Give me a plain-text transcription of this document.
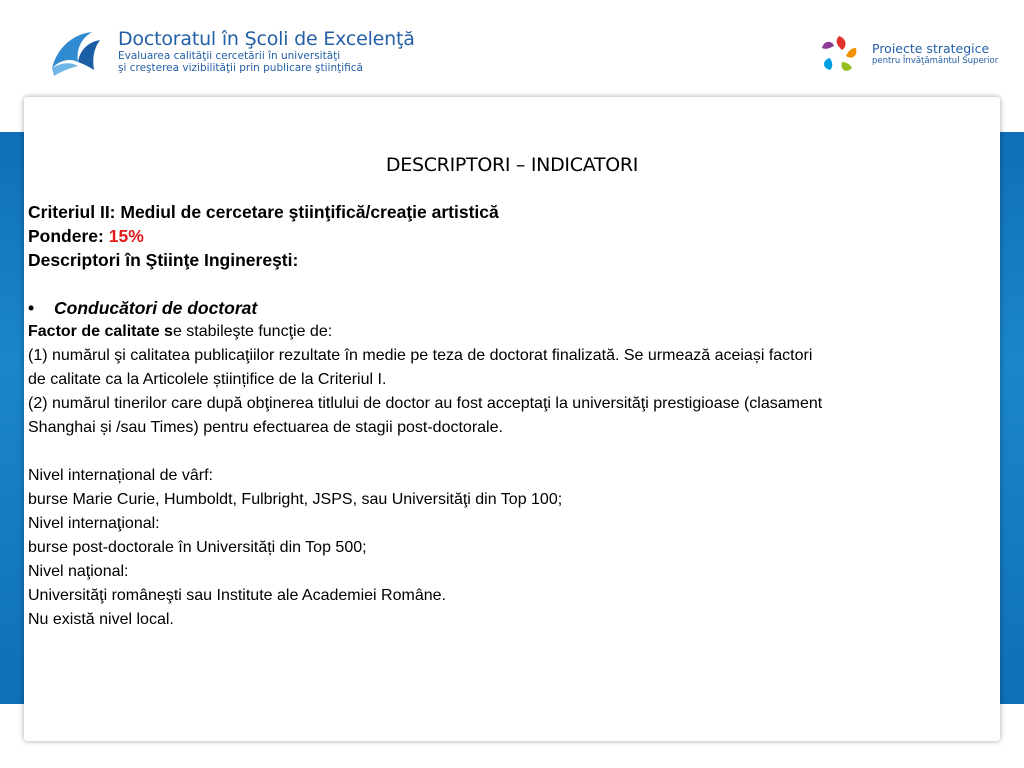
Doctoratul în Şcoli de Excelenţă
Evaluarea calităţii cercetării în universităţi
şi creşterea vizibilităţii prin publicare ştiinţifică
Proiecte strategice
pentru Învăţământul Superior
DESCRIPTORI – INDICATORI
Criteriul II: Mediul de cercetare ştiinţifică/creaţie artistică
Pondere: 15%
Descriptori în Ştiinţe Inginereşti:
• Conducători de doctorat
Factor de calitate se stabileşte funcţie de:
(1) numărul şi calitatea publicaţiilor rezultate în medie pe teza de doctorat finalizată. Se urmează aceiași factori
de calitate ca la Articolele științifice de la Criteriul I.
(2) numărul tinerilor care după obţinerea titlului de doctor au fost acceptaţi la universităţi prestigioase (clasament
Shanghai și /sau Times) pentru efectuarea de stagii post-doctorale.
Nivel internațional de vârf:
burse Marie Curie, Humboldt, Fulbright, JSPS, sau Universităţi din Top 100;
Nivel internaţional:
burse post-doctorale în Universități din Top 500;
Nivel naţional:
Universităţi româneşti sau Institute ale Academiei Române.
Nu există nivel local.
